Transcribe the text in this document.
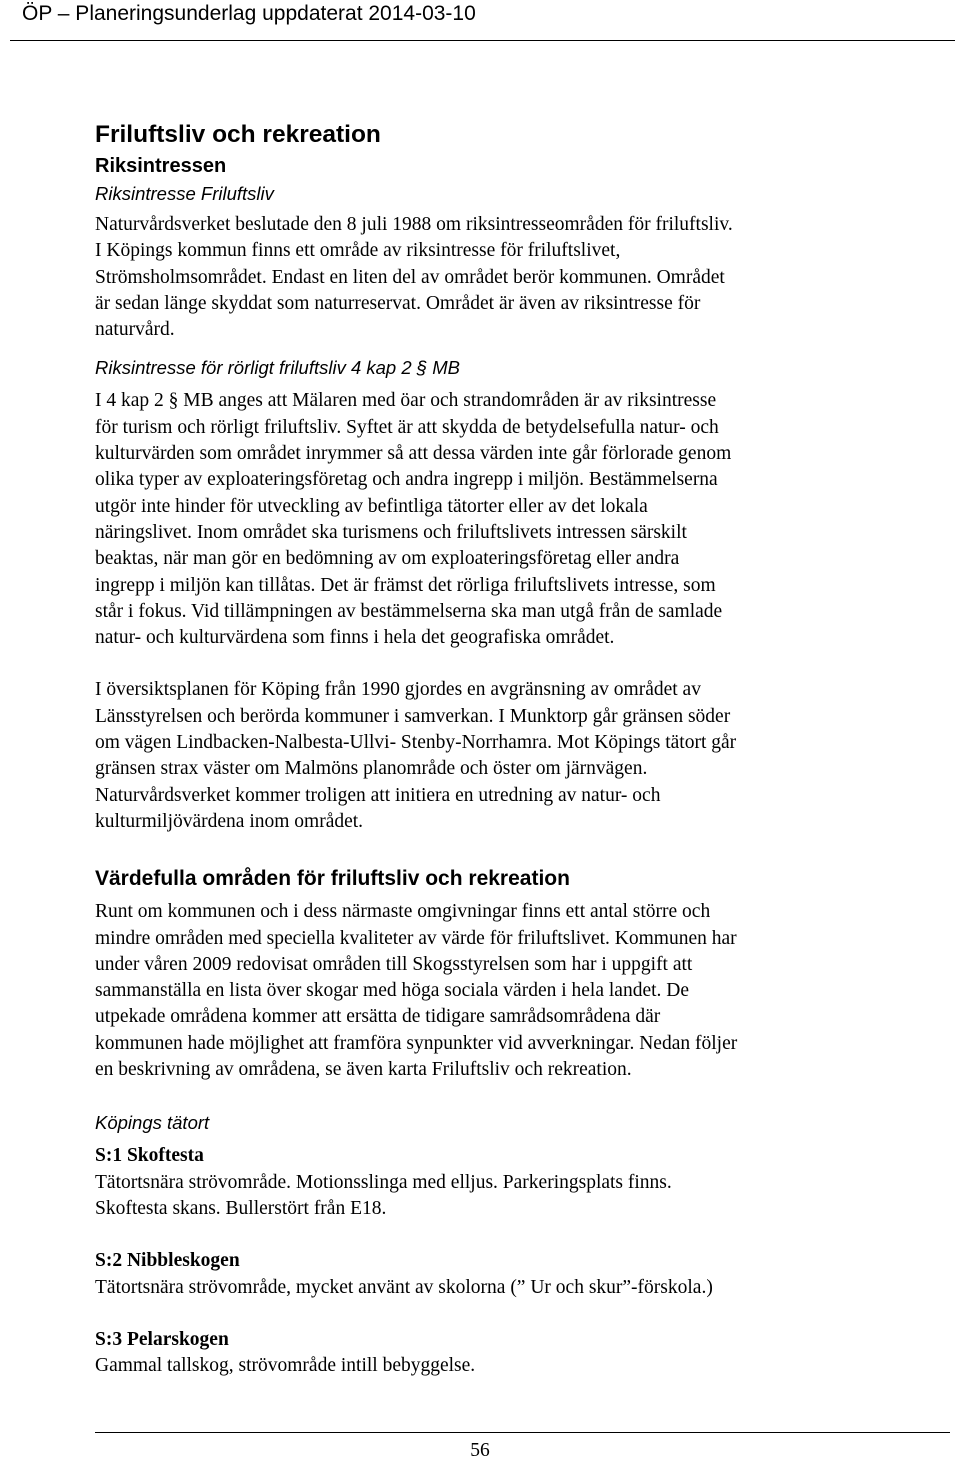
ÖP – Planeringsunderlag uppdaterat 2014-03-10
Friluftsliv och rekreation
Riksintressen
Riksintresse Friluftsliv
Naturvårdsverket beslutade den 8 juli 1988 om riksintresseområden för friluftsliv.
I Köpings kommun finns ett område av riksintresse för friluftslivet,
Strömsholmsområdet. Endast en liten del av området berör kommunen. Området
är sedan länge skyddat som naturreservat. Området är även av riksintresse för
naturvård.
Riksintresse för rörligt friluftsliv 4 kap 2 § MB
I 4 kap 2 § MB anges att Mälaren med öar och strandområden är av riksintresse
för turism och rörligt friluftsliv. Syftet är att skydda de betydelsefulla natur- och
kulturvärden som området inrymmer så att dessa värden inte går förlorade genom
olika typer av exploateringsföretag och andra ingrepp i miljön. Bestämmelserna
utgör inte hinder för utveckling av befintliga tätorter eller av det lokala
näringslivet. Inom området ska turismens och friluftslivets intressen särskilt
beaktas, när man gör en bedömning av om exploateringsföretag eller andra
ingrepp i miljön kan tillåtas. Det är främst det rörliga friluftslivets intresse, som
står i fokus. Vid tillämpningen av bestämmelserna ska man utgå från de samlade
natur- och kulturvärdena som finns i hela det geografiska området.
I översiktsplanen för Köping från 1990 gjordes en avgränsning av området av
Länsstyrelsen och berörda kommuner i samverkan. I Munktorp går gränsen söder
om vägen Lindbacken-Nalbesta-Ullvi- Stenby-Norrhamra. Mot Köpings tätort går
gränsen strax väster om Malmöns planområde och öster om järnvägen.
Naturvårdsverket kommer troligen att initiera en utredning av natur- och
kulturmiljövärdena inom området.
Värdefulla områden för friluftsliv och rekreation
Runt om kommunen och i dess närmaste omgivningar finns ett antal större och
mindre områden med speciella kvaliteter av värde för friluftslivet. Kommunen har
under våren 2009 redovisat områden till Skogsstyrelsen som har i uppgift att
sammanställa en lista över skogar med höga sociala värden i hela landet. De
utpekade områdena kommer att ersätta de tidigare samrådsområdena där
kommunen hade möjlighet att framföra synpunkter vid avverkningar. Nedan följer
en beskrivning av områdena, se även karta Friluftsliv och rekreation.
Köpings tätort
S:1 Skoftesta
Tätortsnära strövområde. Motionsslinga med elljus. Parkeringsplats finns.
Skoftesta skans. Bullerstört från E18.
S:2 Nibbleskogen
Tätortsnära strövområde, mycket använt av skolorna (” Ur och skur”-förskola.)
S:3 Pelarskogen
Gammal tallskog, strövområde intill bebyggelse.
56
